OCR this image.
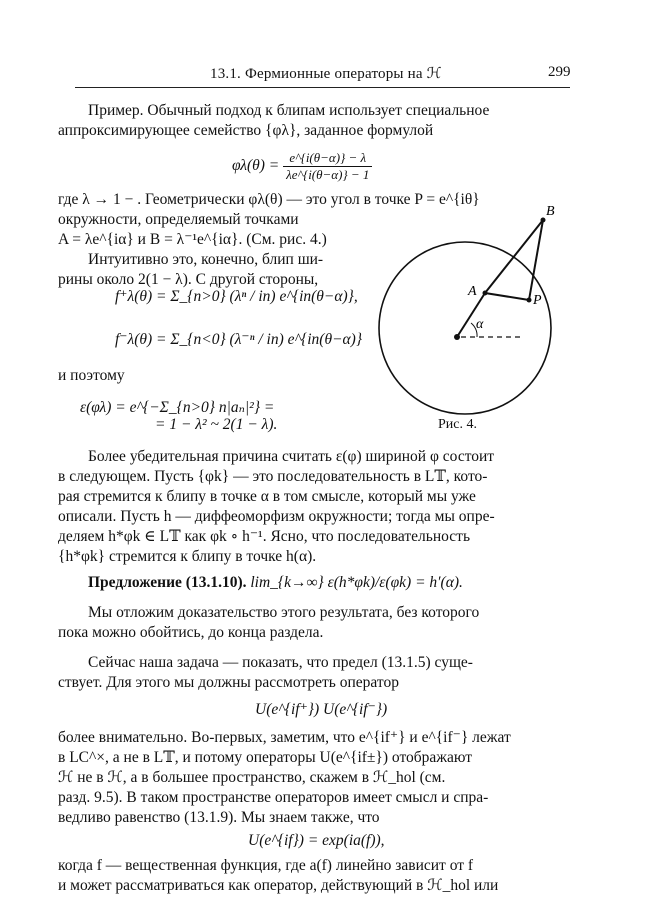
13.1. Фермионные операторы на ℋ	299
Пример. Обычный подход к блипам использует специальное
аппроксимирующее семейство {φλ}, заданное формулой
$\varphi\lambda(\theta) = \frac{e\^{}\{i(\theta-\alpha)\} - \lambda}{\lambda e\^{}\{i(\theta-\alpha)\} - 1}$
где λ → 1 − . Геометрически φλ(θ) — это угол в точке P = e^{iθ}
окружности, определяемый точками
A = λe^{iα} и B = λ⁻¹e^{iα}. (См. рис. 4.)
Интуитивно это, конечно, блип ши-
рины около 2(1 − λ). С другой стороны,
f⁺λ(θ) = Σ_{n>0} (λⁿ / in) e^{in(θ−α)},
f⁻λ(θ) = Σ_{n<0} (λ⁻ⁿ / in) e^{in(θ−α)}
и поэтому
ε(φλ) = e^{−Σ_{n>0} n|aₙ|²} =
= 1 − λ² ~ 2(1 − λ).
A
P
B
α
Рис. 4.
Более убедительная причина считать ε(φ) шириной φ состоит
в следующем. Пусть {φk} — это последовательность в L𝕋, кото-
рая стремится к блипу в точке α в том смысле, который мы уже
описали. Пусть h — диффеоморфизм окружности; тогда мы опре-
деляем h*φk ∈ L𝕋 как φk ∘ h⁻¹. Ясно, что последовательность
{h*φk} стремится к блипу в точке h(α).
Предложение (13.1.10). lim_{k→∞} ε(h*φk)/ε(φk) = h′(α).
Мы отложим доказательство этого результата, без которого
пока можно обойтись, до конца раздела.
Сейчас наша задача — показать, что предел (13.1.5) суще-
ствует. Для этого мы должны рассмотреть оператор
U(e^{if⁺}) U(e^{if⁻})
более внимательно. Во-первых, заметим, что e^{if⁺} и e^{if⁻} лежат
в LC^×, а не в L𝕋, и потому операторы U(e^{if±}) отображают
ℋ не в ℋ, а в большее пространство, скажем в ℋ_hol (см.
разд. 9.5). В таком пространстве операторов имеет смысл и спра-
ведливо равенство (13.1.9). Мы знаем также, что
U(e^{if}) = exp(ia(f)),
когда f — вещественная функция, где a(f) линейно зависит от f
и может рассматриваться как оператор, действующий в ℋ_hol или
